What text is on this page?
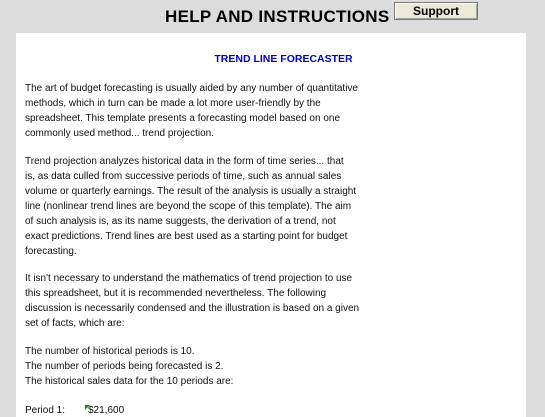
HELP AND INSTRUCTIONS	Support
TREND LINE FORECASTER
The art of budget forecasting is usually aided by any number of quantitative
methods, which in turn can be made a lot more user-friendly by the
spreadsheet. This template presents a forecasting model based on one
commonly used method... trend projection.
Trend projection analyzes historical data in the form of time series... that
is, as data culled from successive periods of time, such as annual sales
volume or quarterly earnings. The result of the analysis is usually a straight
line (nonlinear trend lines are beyond the scope of this template). The aim
of such analysis is, as its name suggests, the derivation of a trend, not
exact predictions. Trend lines are best used as a starting point for budget
forecasting.
It isn't necessary to understand the mathematics of trend projection to use
this spreadsheet, but it is recommended nevertheless. The following
discussion is necessarily condensed and the illustration is based on a given
set of facts, which are:
The number of historical periods is 10.
The number of periods being forecasted is 2.
The historical sales data for the 10 periods are:
Period 1: $21,600
